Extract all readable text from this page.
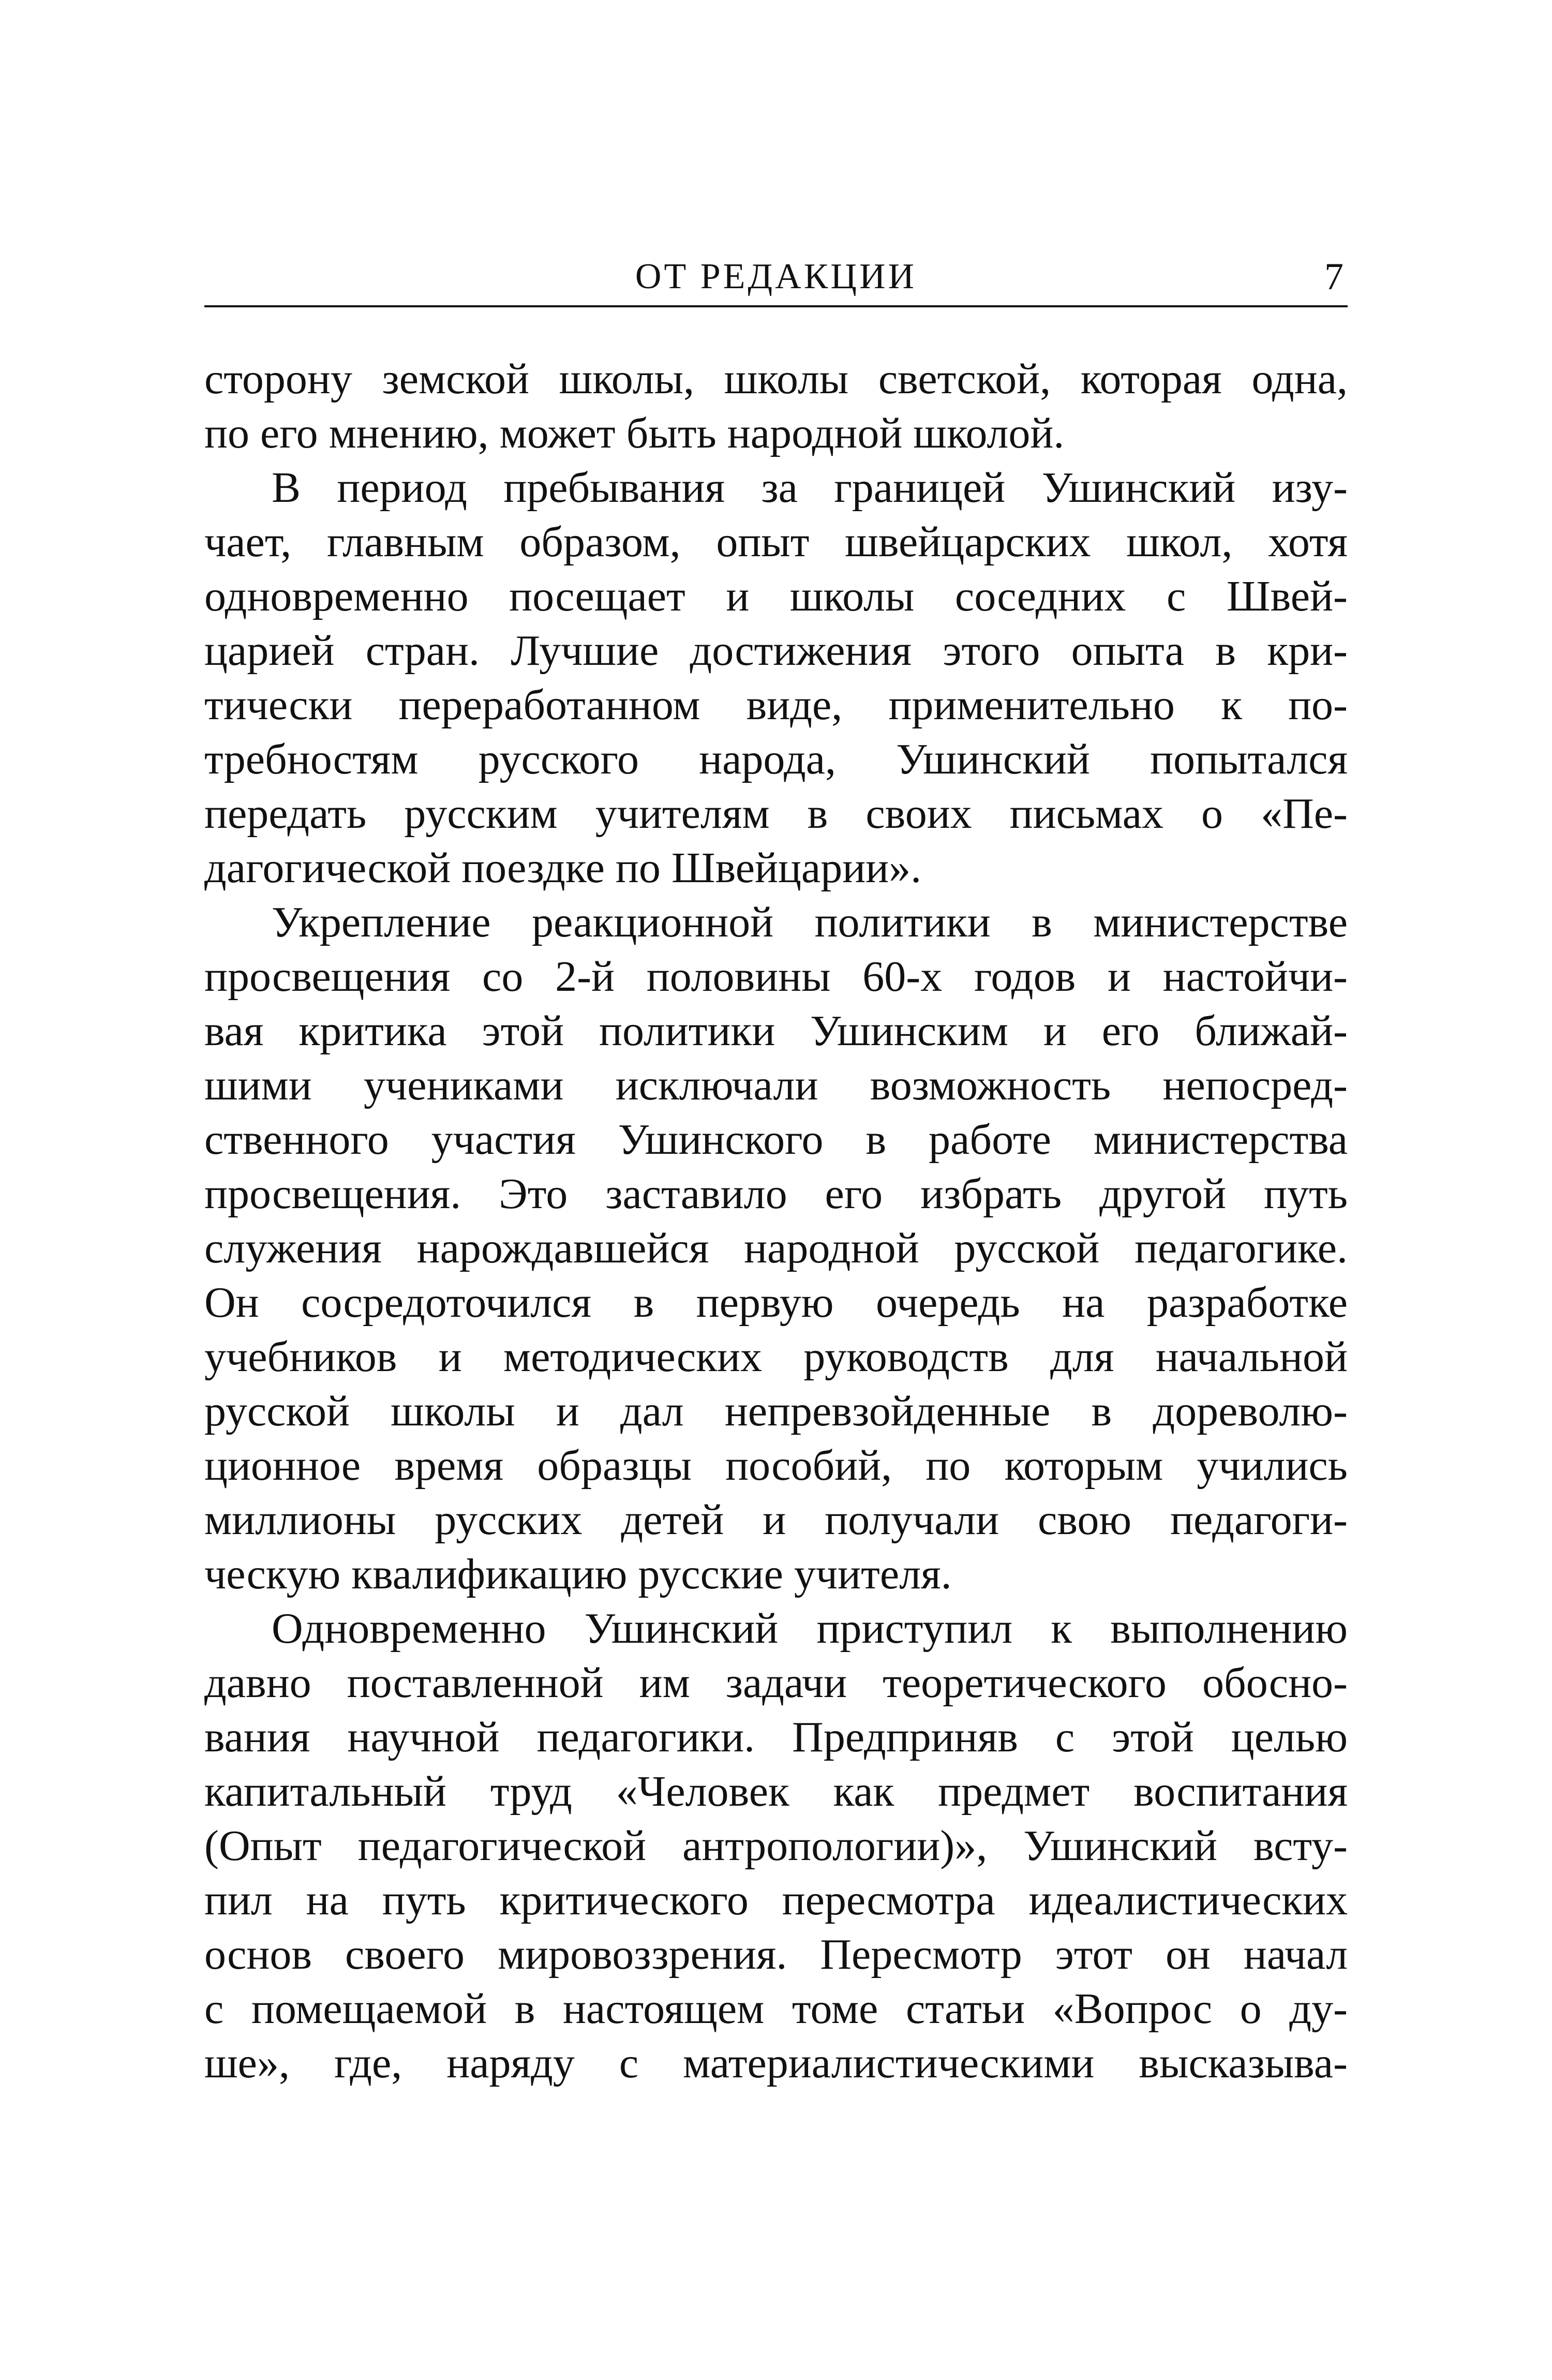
ОТ РЕДАКЦИИ	7
сторону земской школы, школы светской, которая одна,
по его мнению, может быть народной школой.
В период пребывания за границей Ушинский изу-
чает, главным образом, опыт швейцарских школ, хотя
одновременно посещает и школы соседних с Швей-
царией стран. Лучшие достижения этого опыта в кри-
тически переработанном виде, применительно к по-
требностям русского народа, Ушинский попытался
передать русским учителям в своих письмах о «Пе-
дагогической поездке по Швейцарии».
Укрепление реакционной политики в министерстве
просвещения со 2-й половины 60-х годов и настойчи-
вая критика этой политики Ушинским и его ближай-
шими учениками исключали возможность непосред-
ственного участия Ушинского в работе министерства
просвещения. Это заставило его избрать другой путь
служения нарождавшейся народной русской педагогике.
Он сосредоточился в первую очередь на разработке
учебников и методических руководств для начальной
русской школы и дал непревзойденные в дореволю-
ционное время образцы пособий, по которым учились
миллионы русских детей и получали свою педагоги-
ческую квалификацию русские учителя.
Одновременно Ушинский приступил к выполнению
давно поставленной им задачи теоретического обосно-
вания научной педагогики. Предприняв с этой целью
капитальный труд «Человек как предмет воспитания
(Опыт педагогической антропологии)», Ушинский всту-
пил на путь критического пересмотра идеалистических
основ своего мировоззрения. Пересмотр этот он начал
с помещаемой в настоящем томе статьи «Вопрос о ду-
ше», где, наряду с материалистическими высказыва-
